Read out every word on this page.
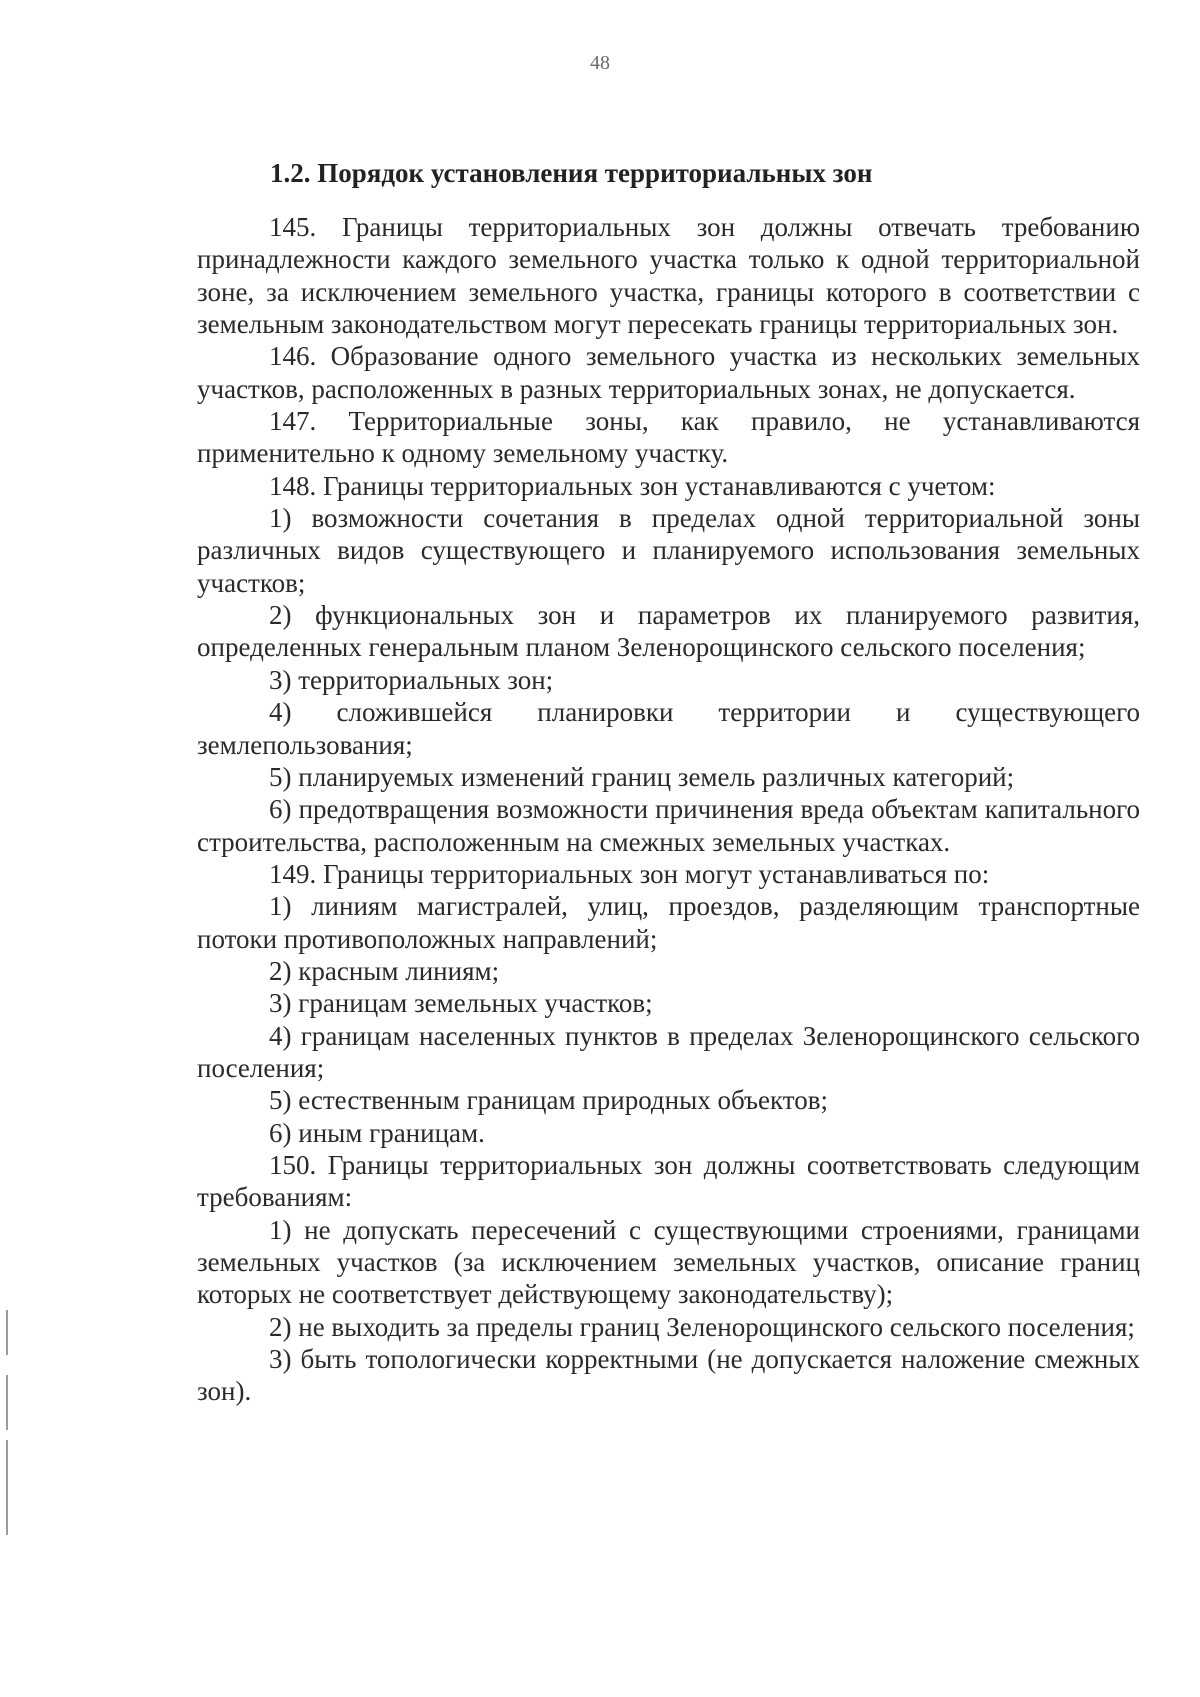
48
1.2. Порядок установления территориальных зон

145. Границы территориальных зон должны отвечать требованию принадлежности каждого земельного участка только к одной территориальной зоне, за исключением земельного участка, границы которого в соответствии с земельным законодательством могут пересекать границы территориальных зон.

146. Образование одного земельного участка из нескольких земельных участков, расположенных в разных территориальных зонах, не допускается.

147. Территориальные зоны, как правило, не устанавливаются применительно к одному земельному участку.

148. Границы территориальных зон устанавливаются с учетом:

1) возможности сочетания в пределах одной территориальной зоны различных видов существующего и планируемого использования земельных участков;

2) функциональных зон и параметров их планируемого развития, определенных генеральным планом Зеленорощинского сельского поселения;

3) территориальных зон;

4) сложившейся планировки территории и существующего землепользования;

5) планируемых изменений границ земель различных категорий;

6) предотвращения возможности причинения вреда объектам капитального строительства, расположенным на смежных земельных участках.

149. Границы территориальных зон могут устанавливаться по:

1) линиям магистралей, улиц, проездов, разделяющим транспортные потоки противоположных направлений;

2) красным линиям;

3) границам земельных участков;

4) границам населенных пунктов в пределах Зеленорощинского сельского поселения;

5) естественным границам природных объектов;

6) иным границам.

150. Границы территориальных зон должны соответствовать следующим требованиям:

1) не допускать пересечений с существующими строениями, границами земельных участков (за исключением земельных участков, описание границ которых не соответствует действующему законодательству);

2) не выходить за пределы границ Зеленорощинского сельского поселения;

3) быть топологически корректными (не допускается наложение смежных зон).
